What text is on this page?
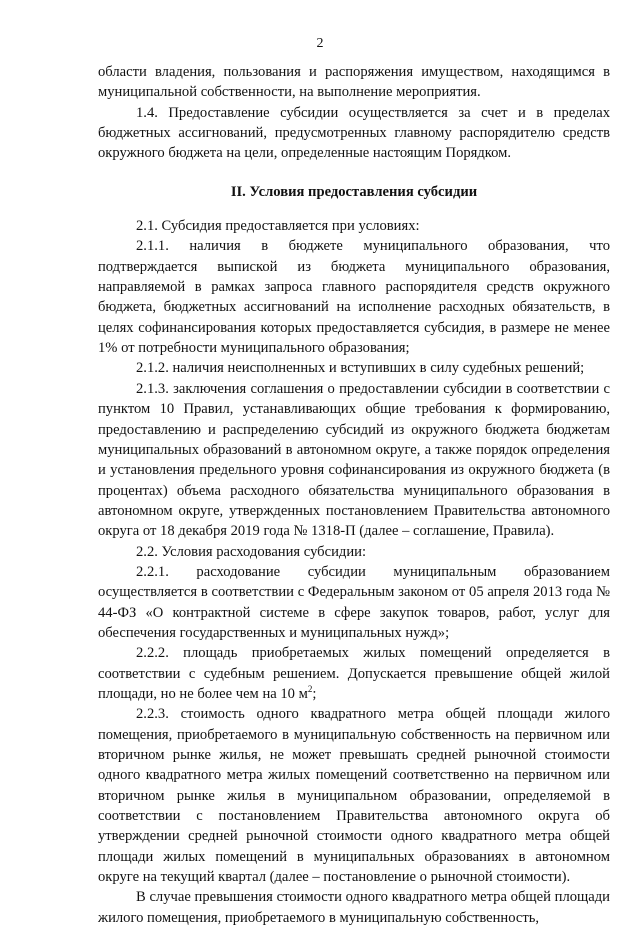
2

области владения, пользования и распоряжения имуществом, находящимся в муниципальной собственности, на выполнение мероприятия.

1.4. Предоставление субсидии осуществляется за счет и в пределах бюджетных ассигнований, предусмотренных главному распорядителю средств окружного бюджета на цели, определенные настоящим Порядком.

II. Условия предоставления субсидии

2.1. Субсидия предоставляется при условиях:

2.1.1. наличия в бюджете муниципального образования, что подтверждается выпиской из бюджета муниципального образования, направляемой в рамках запроса главного распорядителя средств окружного бюджета, бюджетных ассигнований на исполнение расходных обязательств, в целях софинансирования которых предоставляется субсидия, в размере не менее 1% от потребности муниципального образования;

2.1.2. наличия неисполненных и вступивших в силу судебных решений;

2.1.3. заключения соглашения о предоставлении субсидии в соответствии с пунктом 10 Правил, устанавливающих общие требования к формированию, предоставлению и распределению субсидий из окружного бюджета бюджетам муниципальных образований в автономном округе, а также порядок определения и установления предельного уровня софинансирования из окружного бюджета (в процентах) объема расходного обязательства муниципального образования в автономном округе, утвержденных постановлением Правительства автономного округа от 18 декабря 2019 года № 1318-П (далее – соглашение, Правила).

2.2. Условия расходования субсидии:

2.2.1. расходование субсидии муниципальным образованием осуществляется в соответствии с Федеральным законом от 05 апреля 2013 года № 44-ФЗ «О контрактной системе в сфере закупок товаров, работ, услуг для обеспечения государственных и муниципальных нужд»;

2.2.2. площадь приобретаемых жилых помещений определяется в соответствии с судебным решением. Допускается превышение общей жилой площади, но не более чем на 10 $м^2$;

2.2.3. стоимость одного квадратного метра общей площади жилого помещения, приобретаемого в муниципальную собственность на первичном или вторичном рынке жилья, не может превышать средней рыночной стоимости одного квадратного метра жилых помещений соответственно на первичном или вторичном рынке жилья в муниципальном образовании, определяемой в соответствии с постановлением Правительства автономного округа об утверждении средней рыночной стоимости одного квадратного метра общей площади жилых помещений в муниципальных образованиях в автономном округе на текущий квартал (далее – постановление о рыночной стоимости).

В случае превышения стоимости одного квадратного метра общей площади жилого помещения, приобретаемого в муниципальную собственность,
